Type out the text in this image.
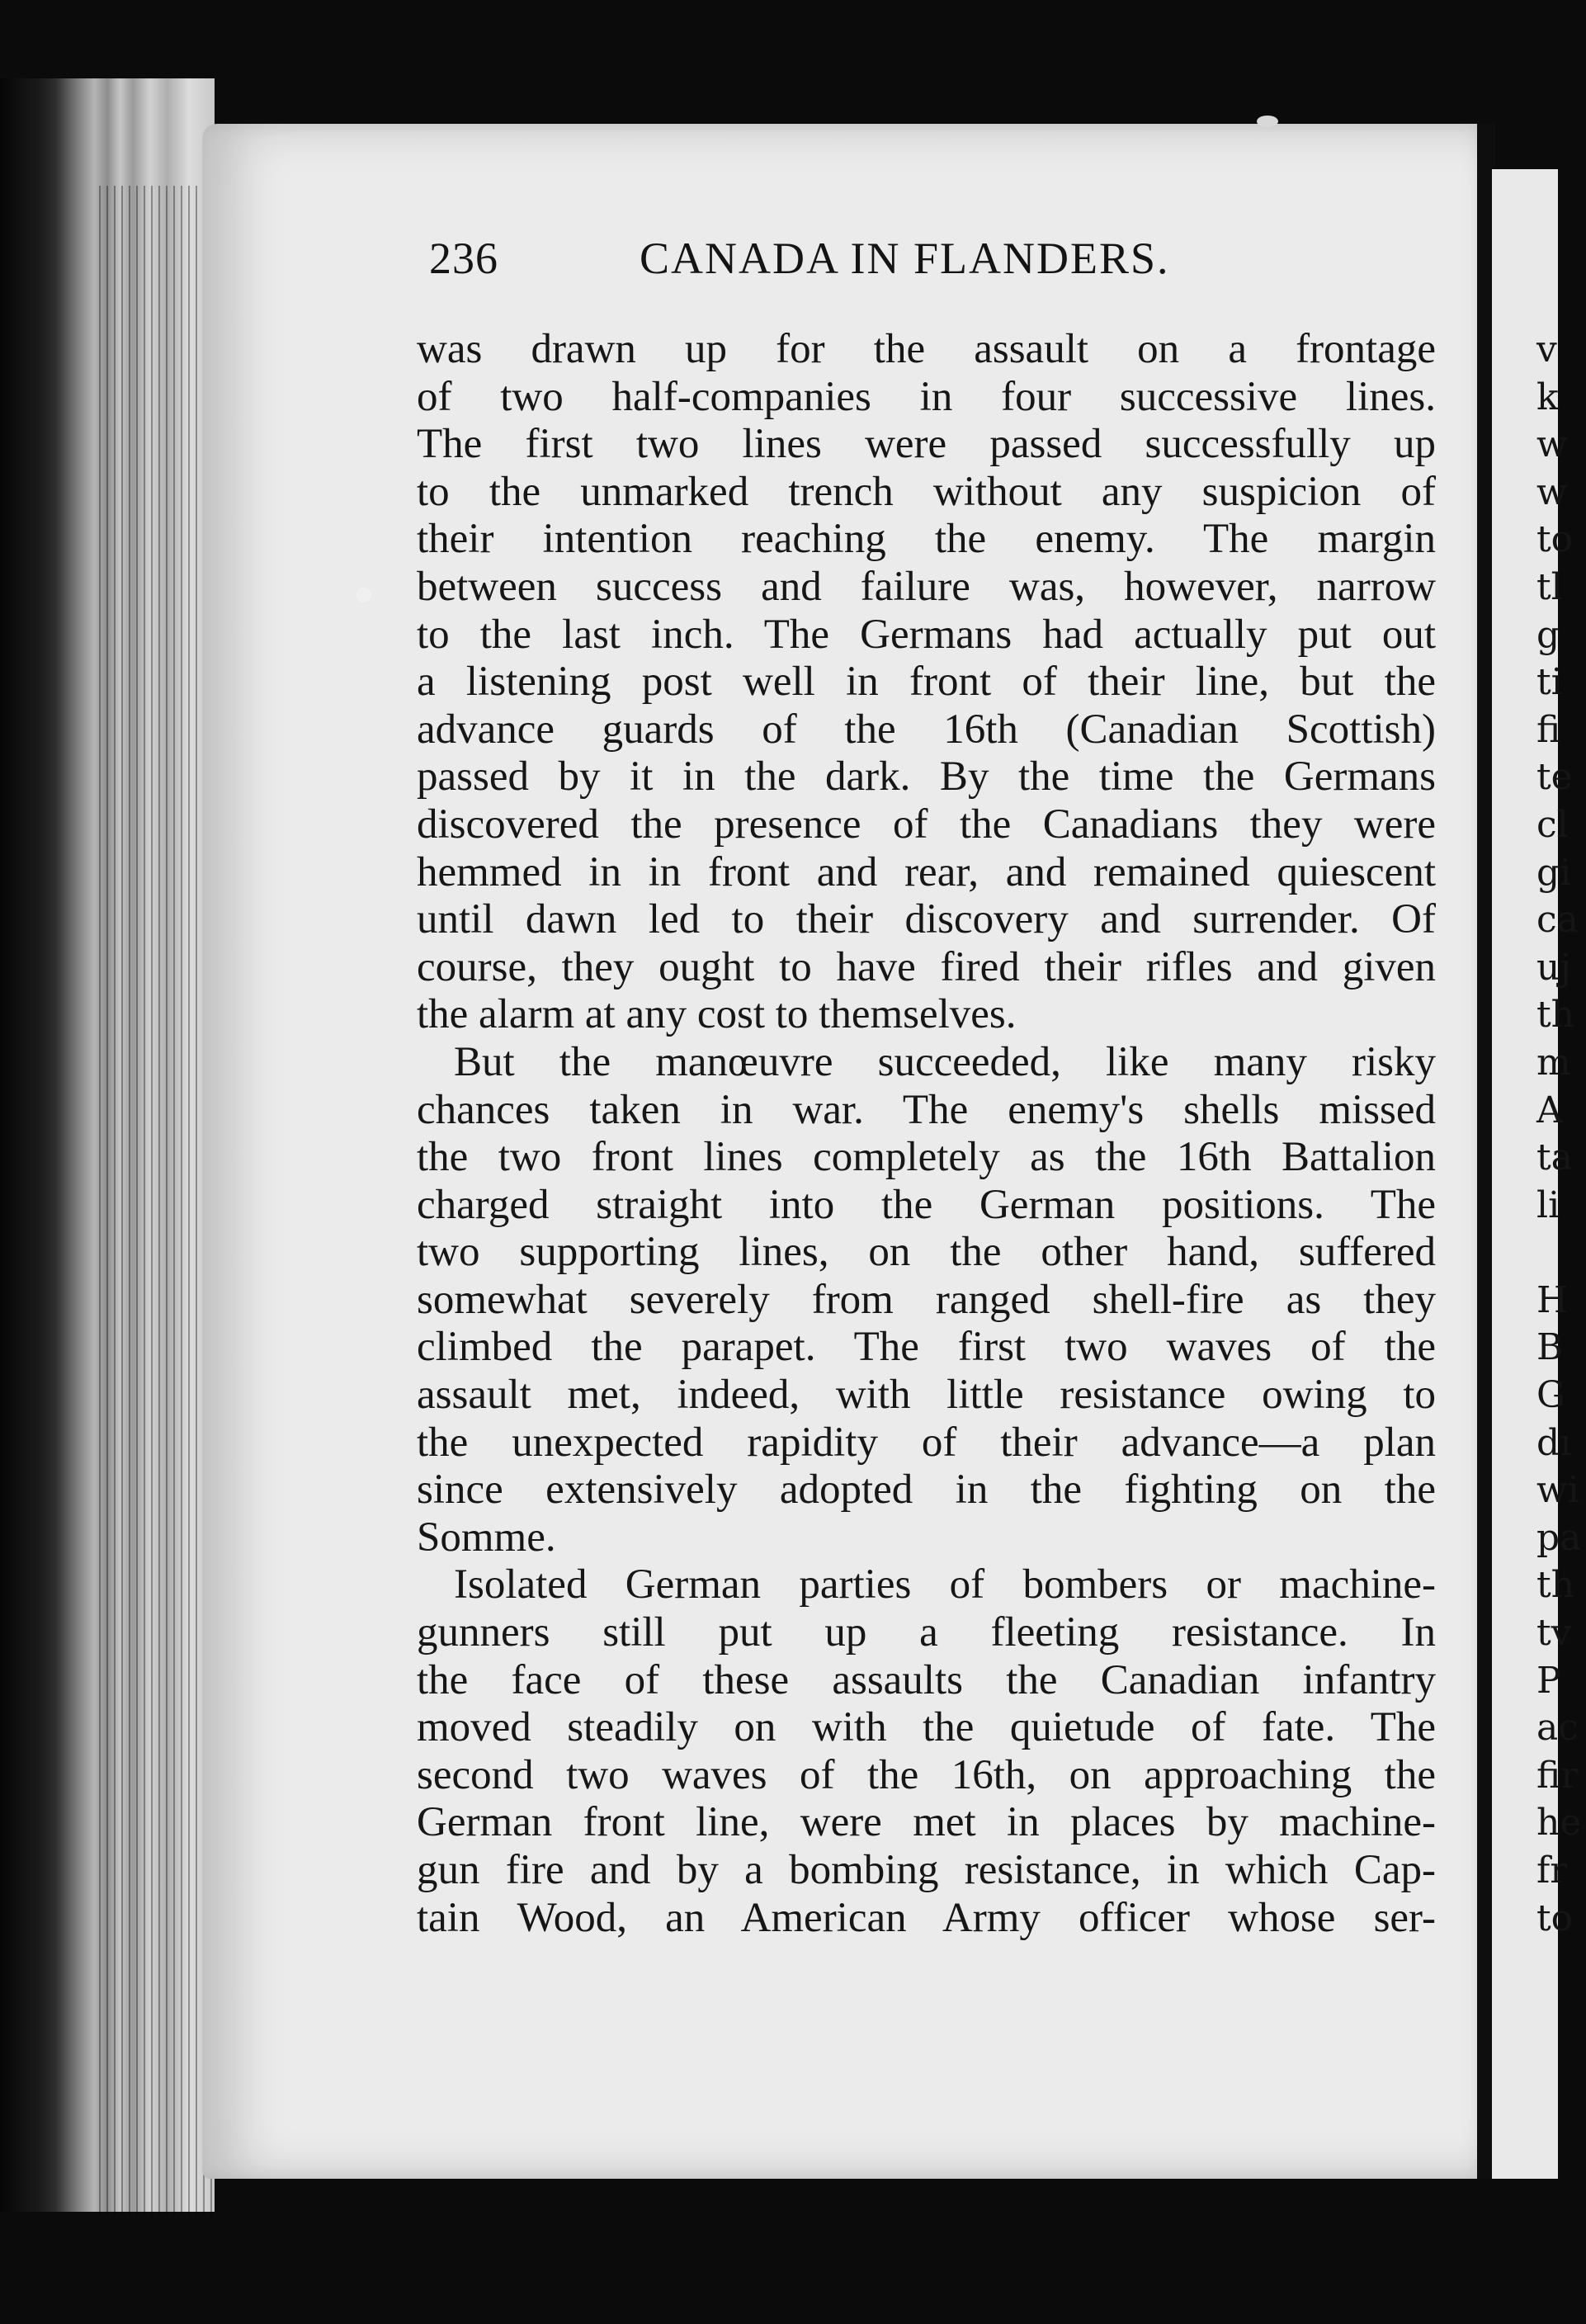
236	CANADA IN FLANDERS.
was drawn up for the assault on a frontage
of two half-companies in four successive lines.
The first two lines were passed successfully up
to the unmarked trench without any suspicion of
their intention reaching the enemy. The margin
between success and failure was, however, narrow
to the last inch. The Germans had actually put out
a listening post well in front of their line, but the
advance guards of the 16th (Canadian Scottish)
passed by it in the dark. By the time the Germans
discovered the presence of the Canadians they were
hemmed in in front and rear, and remained quiescent
until dawn led to their discovery and surrender. Of
course, they ought to have fired their rifles and given
the alarm at any cost to themselves.
But the manœuvre succeeded, like many risky
chances taken in war. The enemy's shells missed
the two front lines completely as the 16th Battalion
charged straight into the German positions. The
two supporting lines, on the other hand, suffered
somewhat severely from ranged shell-fire as they
climbed the parapet. The first two waves of the
assault met, indeed, with little resistance owing to
the unexpected rapidity of their advance—a plan
since extensively adopted in the fighting on the
Somme.
Isolated German parties of bombers or machine-
gunners still put up a fleeting resistance. In
the face of these assaults the Canadian infantry
moved steadily on with the quietude of fate. The
second two waves of the 16th, on approaching the
German front line, were met in places by machine-
gun fire and by a bombing resistance, in which Cap-
tain Wood, an American Army officer whose ser-
v
k
w
w
to
tl
g
ti
fi
te
cl
gi
ca
uj
th
m
A
ta
li
H
B
G
dı
wi
pa
th
tv
P
ac
fir
he
fr
to
